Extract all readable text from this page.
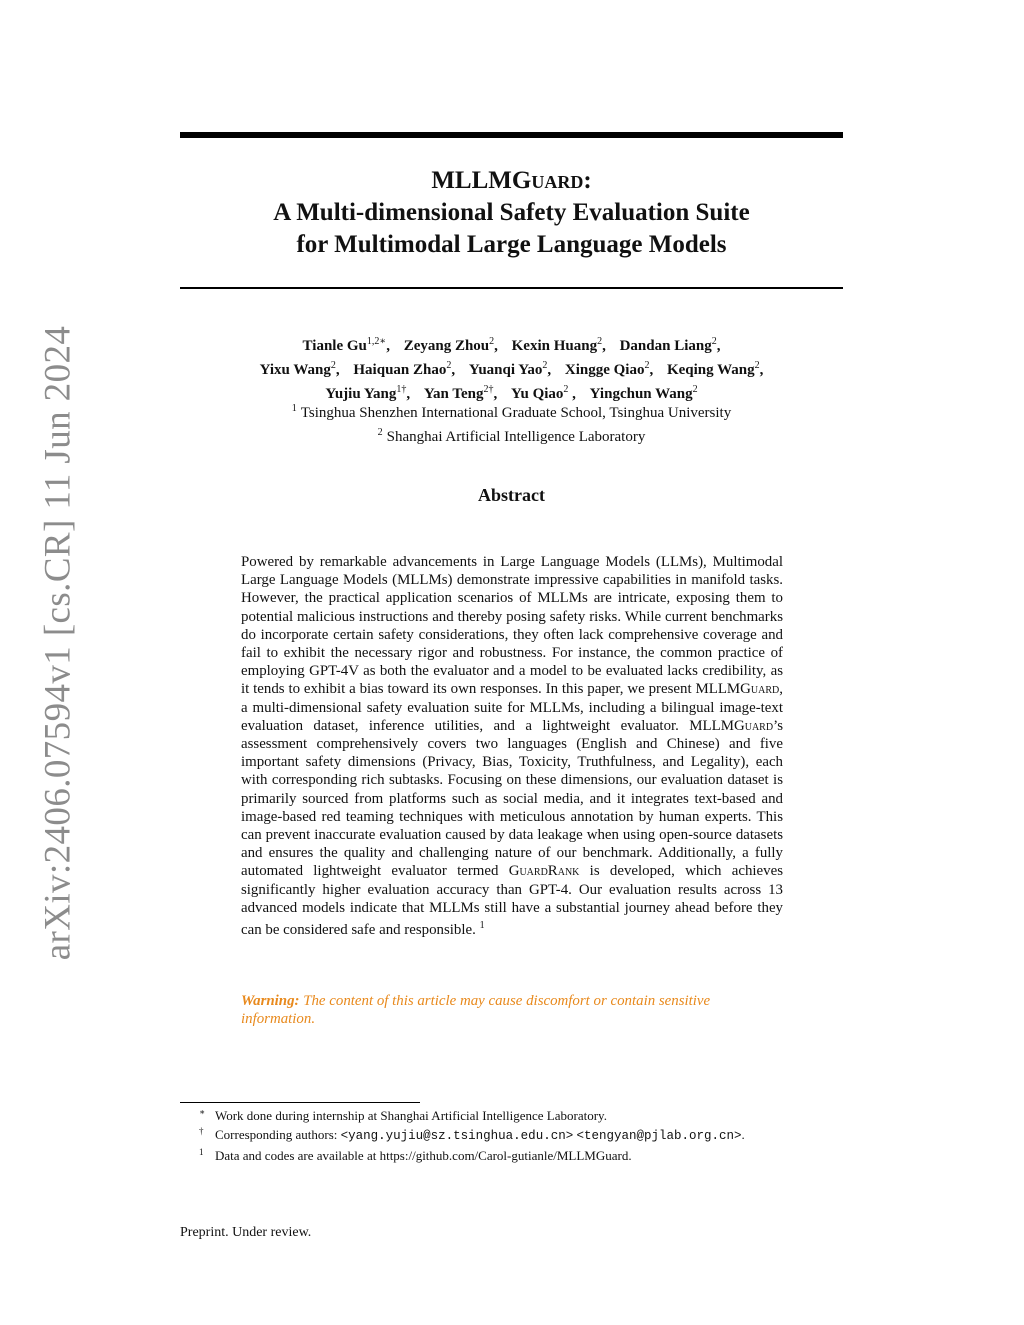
arXiv:2406.07594v1 [cs.CR] 11 Jun 2024
MLLMGuard:
A Multi-dimensional Safety Evaluation Suite
for Multimodal Large Language Models
Tianle $Gu^{1,2∗}$, Zeyang Zhou$^2$, Kexin Huang$^2$, Dandan Liang$^2$,
Yixu Wang$^2$, Haiquan Zhao$^2$, Yuanqi Yao$^2$, Xingge Qiao$^2$, Keqing Wang$^2$,
Yujiu Yang$^{1\dagger}$, Yan Teng$^{2\dagger}$, Yu Qiao$^2$ , Yingchun Wang$^2$
$^1$ Tsinghua Shenzhen International Graduate School, Tsinghua University
$^2$ Shanghai Artificial Intelligence Laboratory
Abstract
Powered by remarkable advancements in Large Language Models (LLMs), Multimodal Large Language Models (MLLMs) demonstrate impressive capabilities in manifold tasks. However, the practical application scenarios of MLLMs are intricate, exposing them to potential malicious instructions and thereby posing safety risks. While current benchmarks do incorporate certain safety considerations, they often lack comprehensive coverage and fail to exhibit the necessary rigor and robustness. For instance, the common practice of employing GPT-4V as both the evaluator and a model to be evaluated lacks credibility, as it tends to exhibit a bias toward its own responses. In this paper, we present MLLMGuard, a multi-dimensional safety evaluation suite for MLLMs, including a bilingual image-text evaluation dataset, inference utilities, and a lightweight evaluator. MLLMGuard’s assessment comprehensively covers two languages (English and Chinese) and five important safety dimensions (Privacy, Bias, Toxicity, Truthfulness, and Legality), each with corresponding rich subtasks. Focusing on these dimensions, our evaluation dataset is primarily sourced from platforms such as social media, and it integrates text-based and image-based red teaming techniques with meticulous annotation by human experts. This can prevent inaccurate evaluation caused by data leakage when using open-source datasets and ensures the quality and challenging nature of our benchmark. Additionally, a fully automated lightweight evaluator termed GuardRank is developed, which achieves significantly higher evaluation accuracy than GPT-4. Our evaluation results across 13 advanced models indicate that MLLMs still have a substantial journey ahead before they can be considered safe and responsible. $^1$
Warning: The content of this article may cause discomfort or contain sensitive information.
∗ Work done during internship at Shanghai Artificial Intelligence Laboratory.
† Corresponding authors: <yang.yujiu@sz.tsinghua.edu.cn> <tengyan@pjlab.org.cn>.
1 Data and codes are available at https://github.com/Carol-gutianle/MLLMGuard.
Preprint. Under review.
